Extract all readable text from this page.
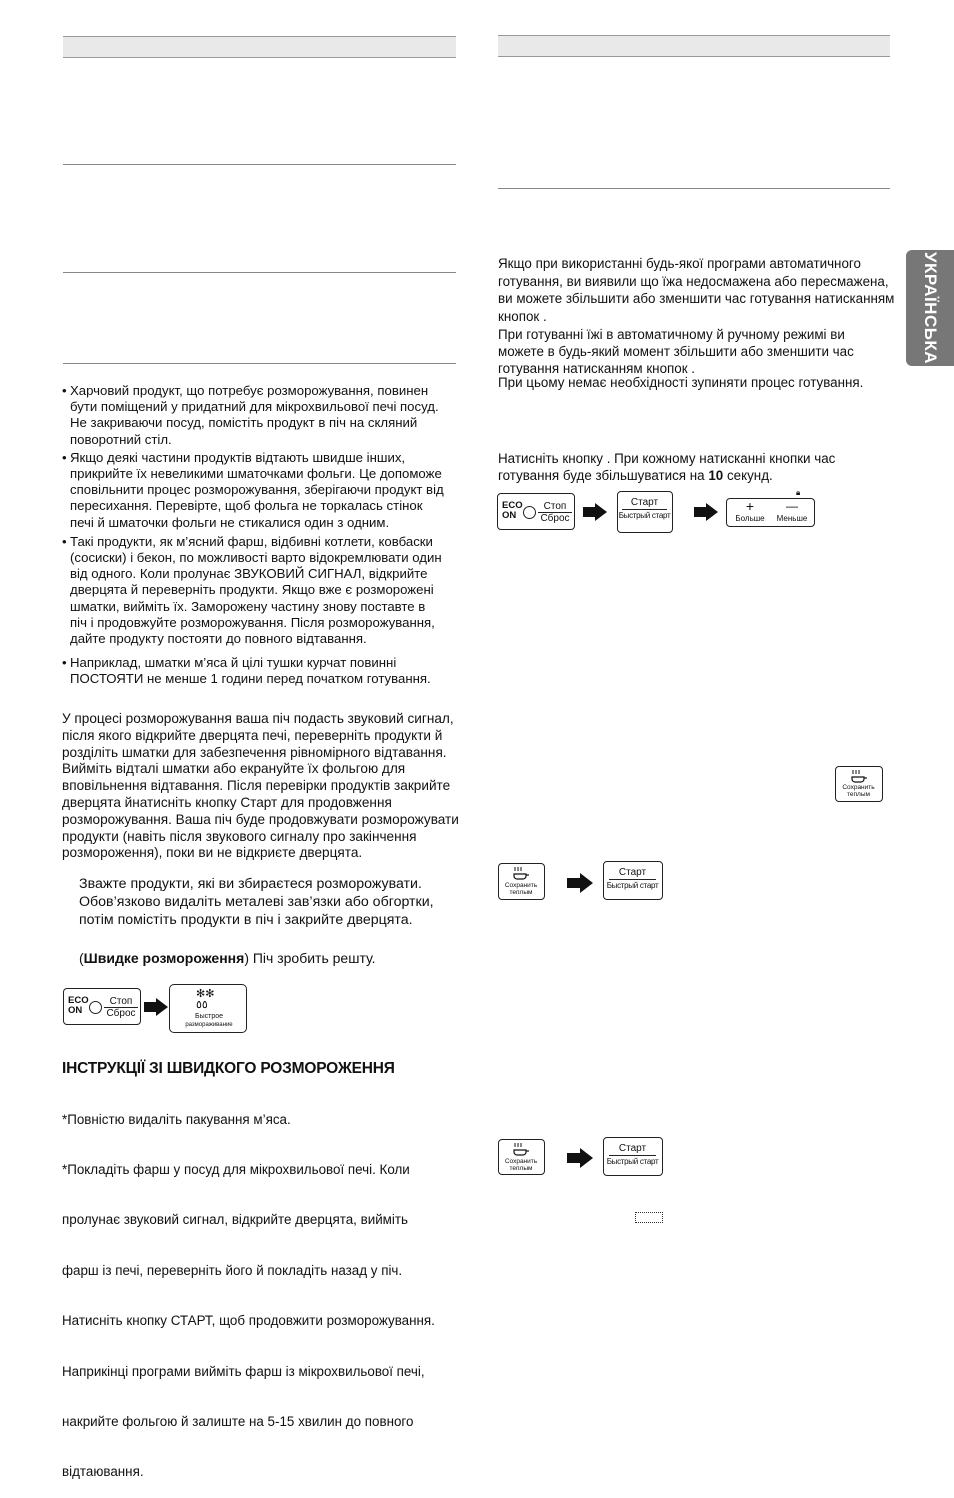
• Харчовий продукт, що потребує розморожування, повинен
бути поміщений у придатний для мікрохвильової печі посуд.
Не закриваючи посуд, помістіть продукт в піч на скляний
поворотний стіл.
• Якщо деякі частини продуктів відтають швидше інших,
прикрийте їх невеликими шматочками фольги. Це допоможе
сповільнити процес розморожування, зберігаючи продукт від
пересихання. Перевірте, щоб фольга не торкалась стінок
печі й шматочки фольги не стикалися один з одним.
• Такі продукти, як м’ясний фарш, відбивні котлети, ковбаски
(сосиски) і бекон, по можливості варто відокремлювати один
від одного. Коли пролунає ЗВУКОВИЙ СИГНАЛ, відкрийте
дверцята й переверніть продукти. Якщо вже є розморожені
шматки, вийміть їх. Заморожену частину знову поставте в
піч і продовжуйте розморожування. Після розморожування,
дайте продукту постояти до повного відтавання.
• Наприклад, шматки м’яса й цілі тушки курчат повинні
ПОСТОЯТИ не менше 1 години перед початком готування.
У процесі розморожування ваша піч подасть звуковий сигнал,
після якого відкрийте дверцята печі, переверніть продукти й
розділіть шматки для забезпечення рівномірного відтавання.
Вийміть відталі шматки або екрануйте їх фольгою для
вповільнення відтавання. Після перевірки продуктів закрийте
дверцята йнатисніть кнопку Старт для продовження
розморожування. Ваша піч буде продовжувати розморожувати
продукти (навіть після звукового сигналу про закінчення
розмороження), поки ви не відкриєте дверцята.
Зважте продукти, які ви збираєтеся розморожувати.
Обов’язково видаліть металеві зав’язки або обгортки,
потім помістіть продукти в піч і закрийте дверцята.
(Швидке розмороження) Піч зробить решту.
ECO
ON
Стоп
Сброс
✻✻
٥٥
Быстрое
размораживание
ІНСТРУКЦІЇ ЗІ ШВИДКОГО РОЗМОРОЖЕННЯ

*Повністю видаліть пакування м’яса.

*Покладіть фарш у посуд для мікрохвильової печі. Коли

пролунає звуковий сигнал, відкрийте дверцята, вийміть

фарш із печі, переверніть його й покладіть назад у піч.

Натисніть кнопку СТАРТ, щоб продовжити розморожування.

Наприкінці програми вийміть фарш із мікрохвильової печі,

накрийте фольгою й залиште на 5-15 хвилин до повного

відтаювання.

УКРАЇНСЬКА
Якщо при використанні будь-якої програми автоматичного
готування, ви виявили що їжа недосмажена або пересмажена,
ви можете збільшити або зменшити час готування натисканням
кнопок .
При готуванні їжі в автоматичному й ручному режимі ви
можете в будь-який момент збільшити або зменшити час
готування натисканням кнопок .
При цьому немає необхідності зупиняти процес готування.
Натисніть кнопку . При кожному натисканні кнопки час
готування буде збільшуватися на 10 секунд.
ECO
ON
Стоп
Сброс
Старт
Быстрый старт
+
Больше
—
Меньше
🔒︎
Сохранить
теплым
Сохранить
теплым
Старт
Быстрый старт
Сохранить
теплым
Старт
Быстрый старт
